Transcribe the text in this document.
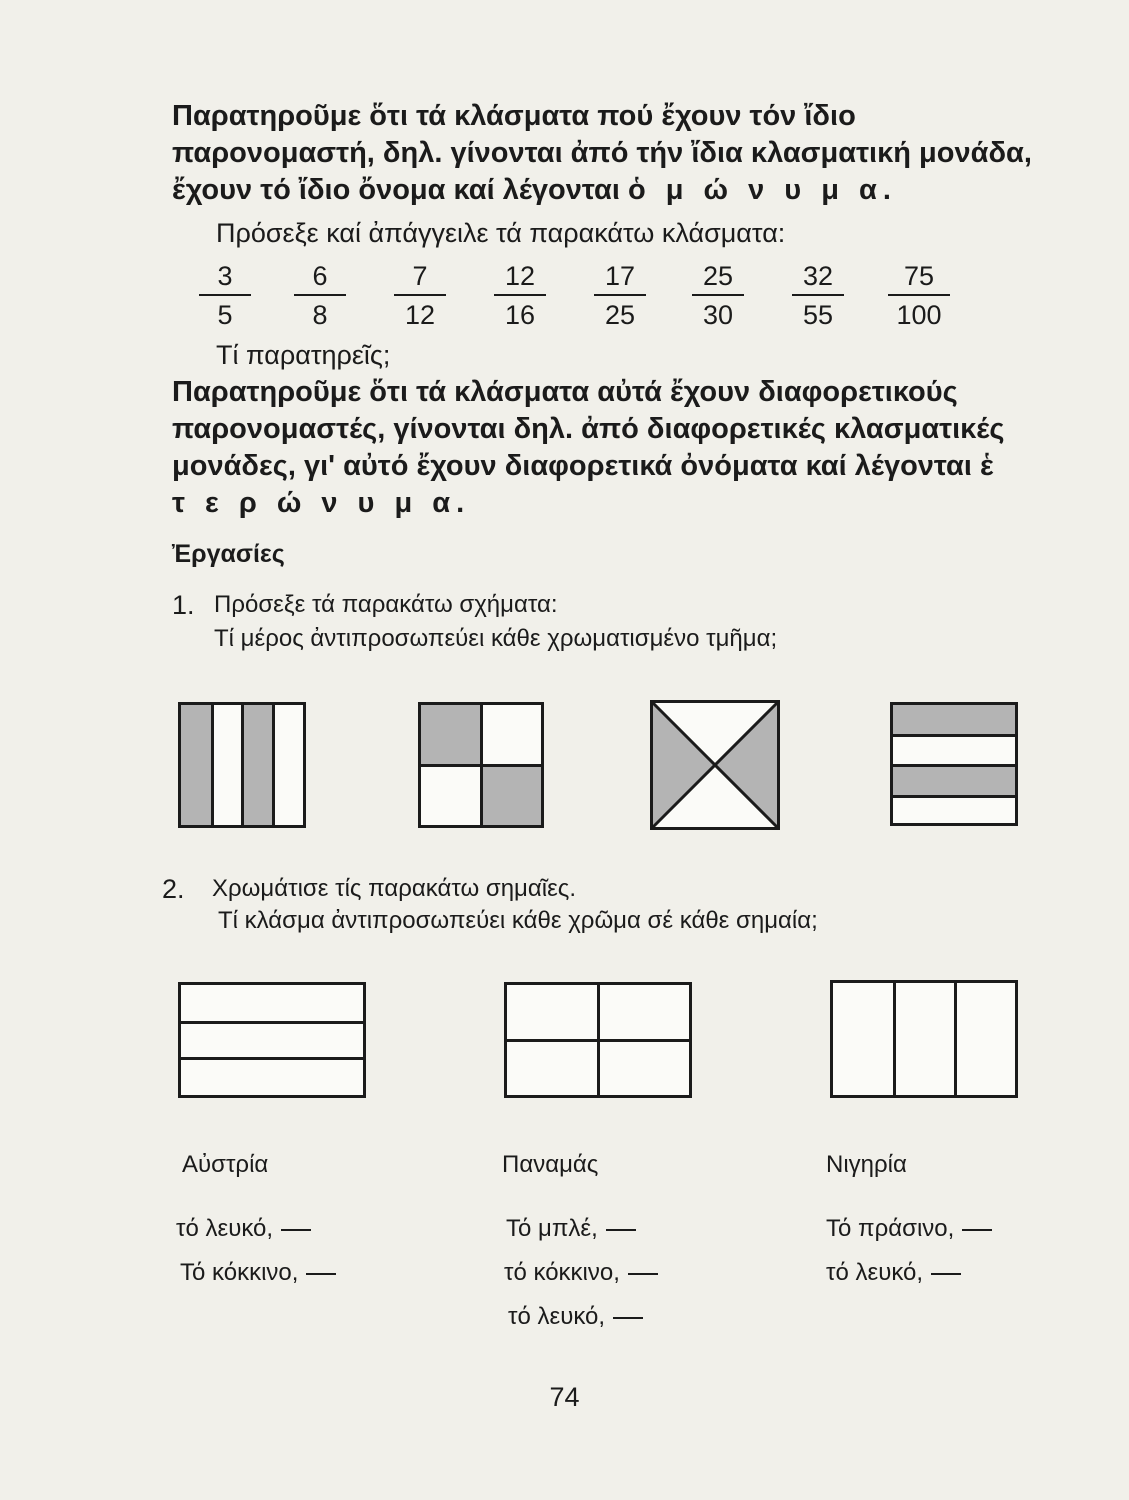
Παρατηροῦμε ὅτι τά κλάσματα πού ἔχουν τόν ἴδιο παρονομαστή, δηλ. γίνονται ἀπό τήν ἴδια κλασματική μονάδα, ἔχουν τό ἴδιο ὄνομα καί λέγονται ὁ μ ώ ν υ μ α.
Πρόσεξε καί ἀπάγγειλε τά παρακάτω κλάσματα:
3
5
6
8
7
12
12
16
17
25
25
30
32
55
75
100
Τί παρατηρεῖς;
Παρατηροῦμε ὅτι τά κλάσματα αὐτά ἔχουν διαφορετικούς παρονομαστές, γίνονται δηλ. ἀπό διαφορετικές κλασματικές μονάδες, γι' αὐτό ἔχουν διαφορετικά ὀνόματα καί λέγονται ἑ τ ε ρ ώ ν υ μ α.
Ἐργασίες
1. Πρόσεξε τά παρακάτω σχήματα:
Τί μέρος ἀντιπροσωπεύει κάθε χρωματισμένο τμῆμα;
2. Χρωμάτισε τίς παρακάτω σημαῖες.
Τί κλάσμα ἀντιπροσωπεύει κάθε χρῶμα σέ κάθε σημαία;
Αὐστρία	Παναμάς	Νιγηρία
τό λευκό,
Τό κόκκινο,
Τό μπλέ,
τό κόκκινο,
τό λευκό,
Τό πράσινο,
τό λευκό,
74
